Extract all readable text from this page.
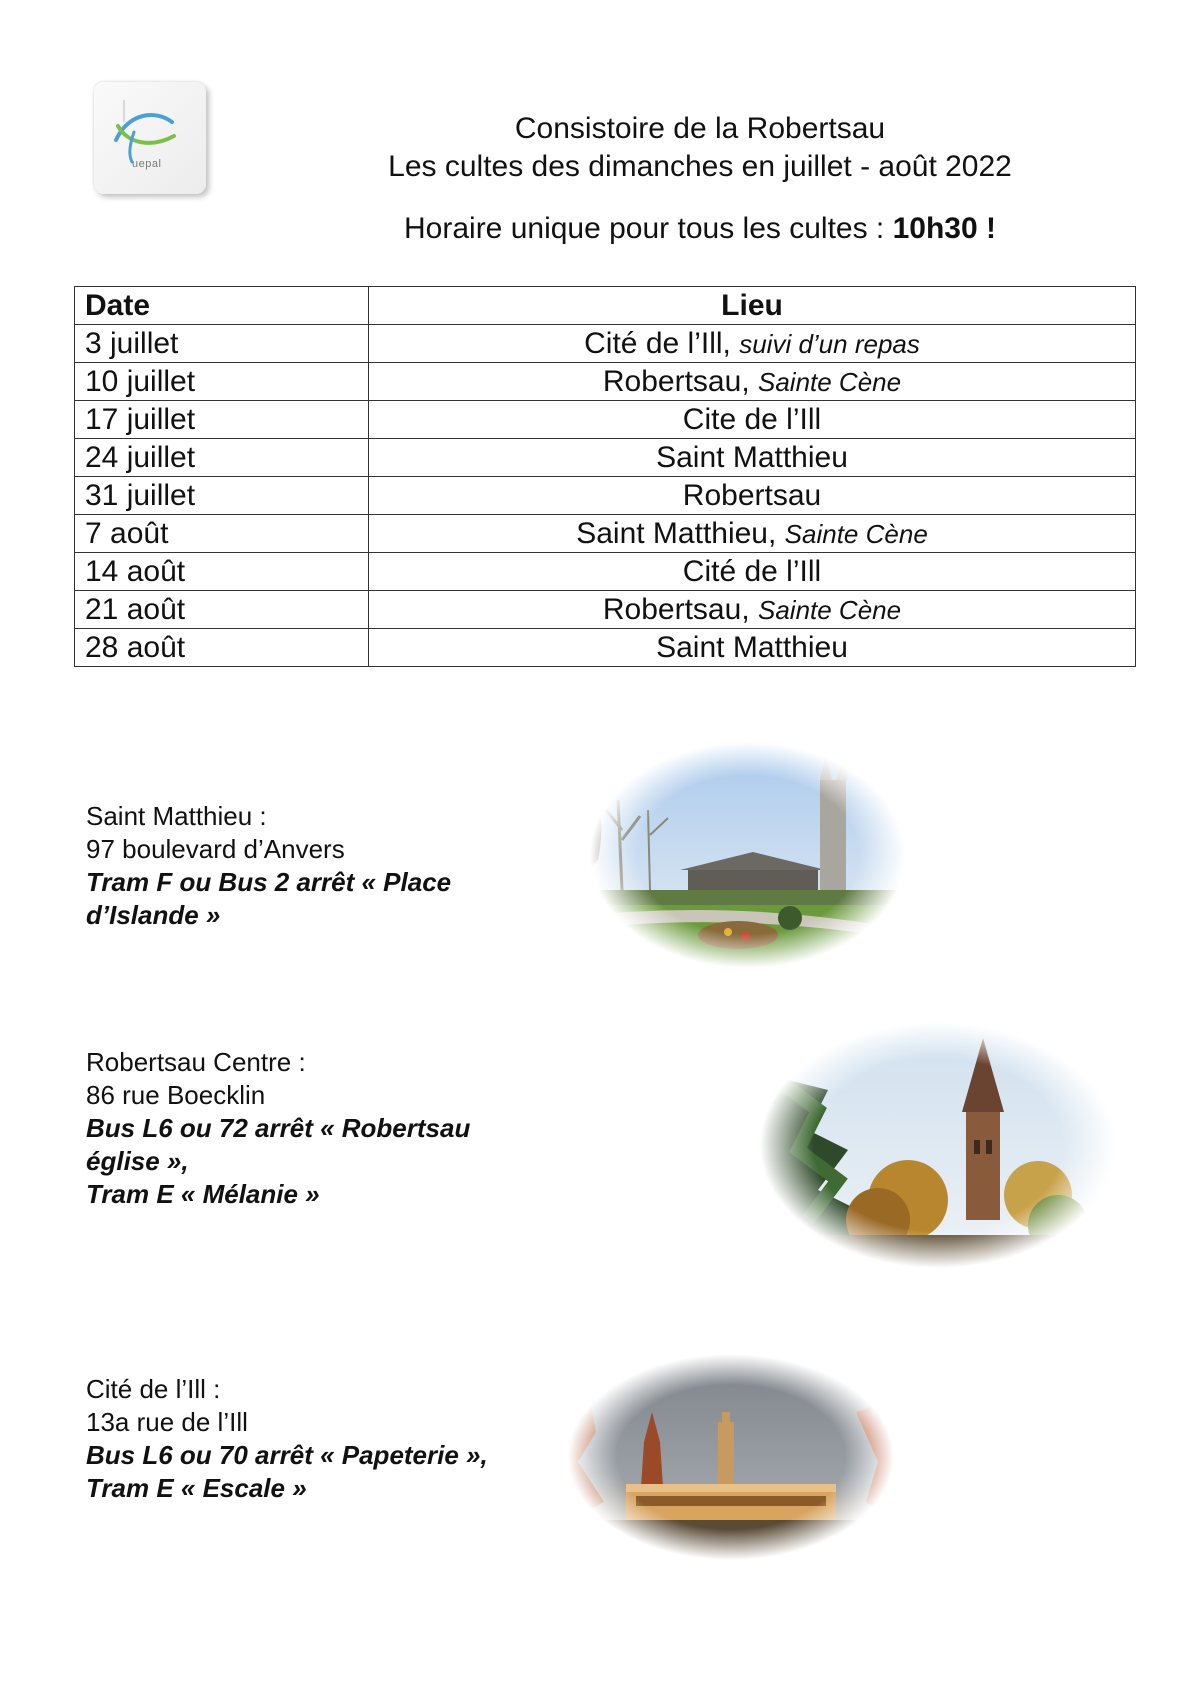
uepal
Consistoire de la Robertsau
Les cultes des dimanches en juillet - août 2022
Horaire unique pour tous les cultes : 10h30 !
Date	Lieu
3 juillet	Cité de l’Ill, suivi d’un repas
10 juillet	Robertsau, Sainte Cène
17 juillet	Cite de l’Ill
24 juillet	Saint Matthieu
31 juillet	Robertsau
7 août	Saint Matthieu, Sainte Cène
14 août	Cité de l’Ill
21 août	Robertsau, Sainte Cène
28 août	Saint Matthieu
Saint Matthieu :
97 boulevard d’Anvers
Tram F ou Bus 2 arrêt « Place
d’Islande »
Robertsau Centre :
86 rue Boecklin
Bus L6 ou 72 arrêt « Robertsau
église »,
Tram E « Mélanie »
Cité de l’Ill :
13a rue de l’Ill
Bus L6 ou 70 arrêt « Papeterie »,
Tram E « Escale »
